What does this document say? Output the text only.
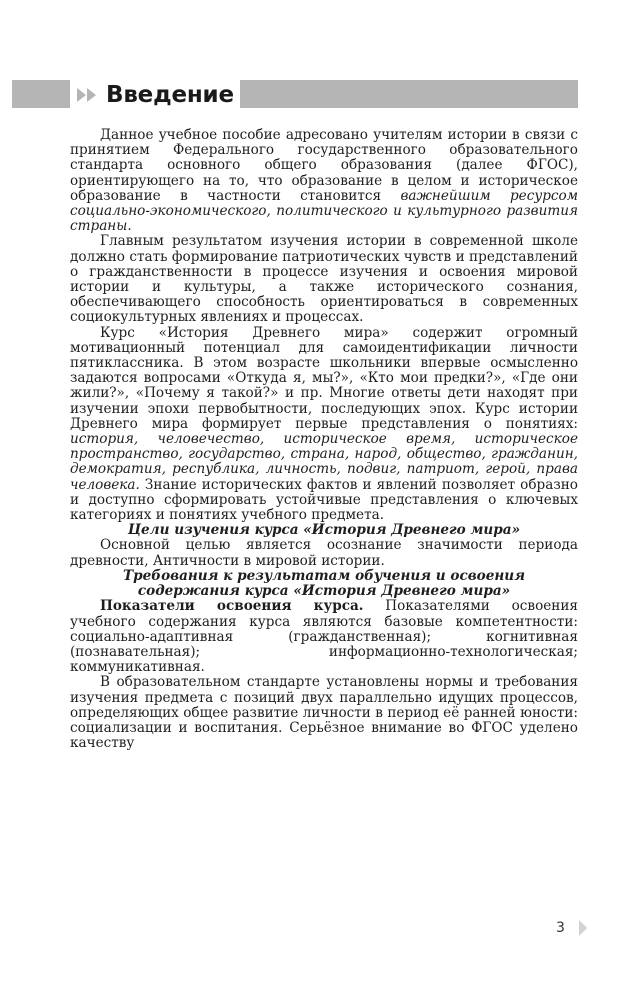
Введение

Данное учебное пособие адресовано учителям истории в связи с принятием Федерального государственного образовательного стандарта основного общего образования (далее ФГОС), ориентирующего на то, что образование в целом и историческое образование в частности становится важнейшим ресурсом социально-экономического, политического и культурного развития страны.

Главным результатом изучения истории в современной школе должно стать формирование патриотических чувств и представлений о гражданственности в процессе изучения и освоения мировой истории и культуры, а также исторического сознания, обеспечивающего способность ориентироваться в современных социокультурных явлениях и процессах.

Курс «История Древнего мира» содержит огромный мотивационный потенциал для самоидентификации личности пятиклассника. В этом возрасте школьники впервые осмысленно задаются вопросами «Откуда я, мы?», «Кто мои предки?», «Где они жили?», «Почему я такой?» и пр. Многие ответы дети находят при изучении эпохи первобытности, последующих эпох. Курс истории Древнего мира формирует первые представления о понятиях: история, человечество, историческое время, историческое пространство, государство, страна, народ, общество, гражданин, демократия, республика, личность, подвиг, патриот, герой, права человека. Знание исторических фактов и явлений позволяет образно и доступно сформировать устойчивые представления о ключевых категориях и понятиях учебного предмета.

Цели изучения курса «История Древнего мира»

Основной целью является осознание значимости периода древности, Античности в мировой истории.

Требования к результатам обучения и освоения содержания курса «История Древнего мира»

Показатели освоения курса. Показателями освоения учебного содержания курса являются базовые компетентности: социально-адаптивная (гражданственная); когнитивная (познавательная); информационно-технологическая; коммуникативная.

В образовательном стандарте установлены нормы и требования изучения предмета с позиций двух параллельно идущих процессов, определяющих общее развитие личности в период её ранней юности: социализации и воспитания. Серьёзное внимание во ФГОС уделено качеству

3
